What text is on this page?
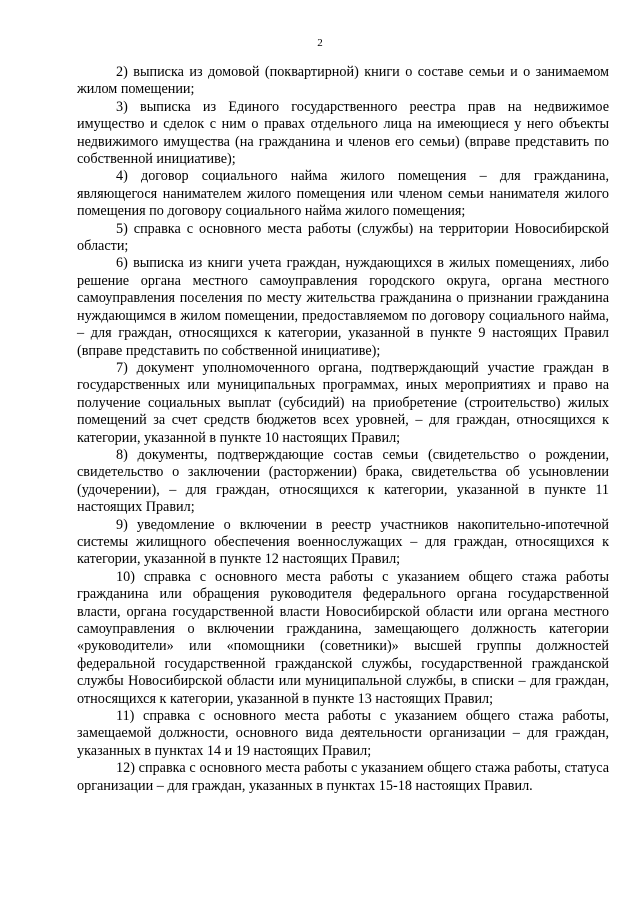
2

2) выписка из домовой (поквартирной) книги о составе семьи и о занимаемом жилом помещении;

3) выписка из Единого государственного реестра прав на недвижимое имущество и сделок с ним о правах отдельного лица на имеющиеся у него объекты недвижимого имущества (на гражданина и членов его семьи) (вправе представить по собственной инициативе);

4) договор социального найма жилого помещения – для гражданина, являющегося нанимателем жилого помещения или членом семьи нанимателя жилого помещения по договору социального найма жилого помещения;

5) справка с основного места работы (службы) на территории Новосибирской области;

6) выписка из книги учета граждан, нуждающихся в жилых помещениях, либо решение органа местного самоуправления городского округа, органа местного самоуправления поселения по месту жительства гражданина о признании гражданина нуждающимся в жилом помещении, предоставляемом по договору социального найма, – для граждан, относящихся к категории, указанной в пункте 9 настоящих Правил (вправе представить по собственной инициативе);

7) документ уполномоченного органа, подтверждающий участие граждан в государственных или муниципальных программах, иных мероприятиях и право на получение социальных выплат (субсидий) на приобретение (строительство) жилых помещений за счет средств бюджетов всех уровней, – для граждан, относящихся к категории, указанной в пункте 10 настоящих Правил;

8) документы, подтверждающие состав семьи (свидетельство о рождении, свидетельство о заключении (расторжении) брака, свидетельства об усыновлении (удочерении), – для граждан, относящихся к категории, указанной в пункте 11 настоящих Правил;

9) уведомление о включении в реестр участников накопительно-ипотечной системы жилищного обеспечения военнослужащих – для граждан, относящихся к категории, указанной в пункте 12 настоящих Правил;

10) справка с основного места работы с указанием общего стажа работы гражданина или обращения руководителя федерального органа государственной власти, органа государственной власти Новосибирской области или органа местного самоуправления о включении гражданина, замещающего должность категории «руководители» или «помощники (советники)» высшей группы должностей федеральной государственной гражданской службы, государственной гражданской службы Новосибирской области или муниципальной службы, в списки – для граждан, относящихся к категории, указанной в пункте 13 настоящих Правил;

11) справка с основного места работы с указанием общего стажа работы, замещаемой должности, основного вида деятельности организации – для граждан, указанных в пунктах 14 и 19 настоящих Правил;

12) справка с основного места работы с указанием общего стажа работы, статуса организации – для граждан, указанных в пунктах 15-18 настоящих Правил.
